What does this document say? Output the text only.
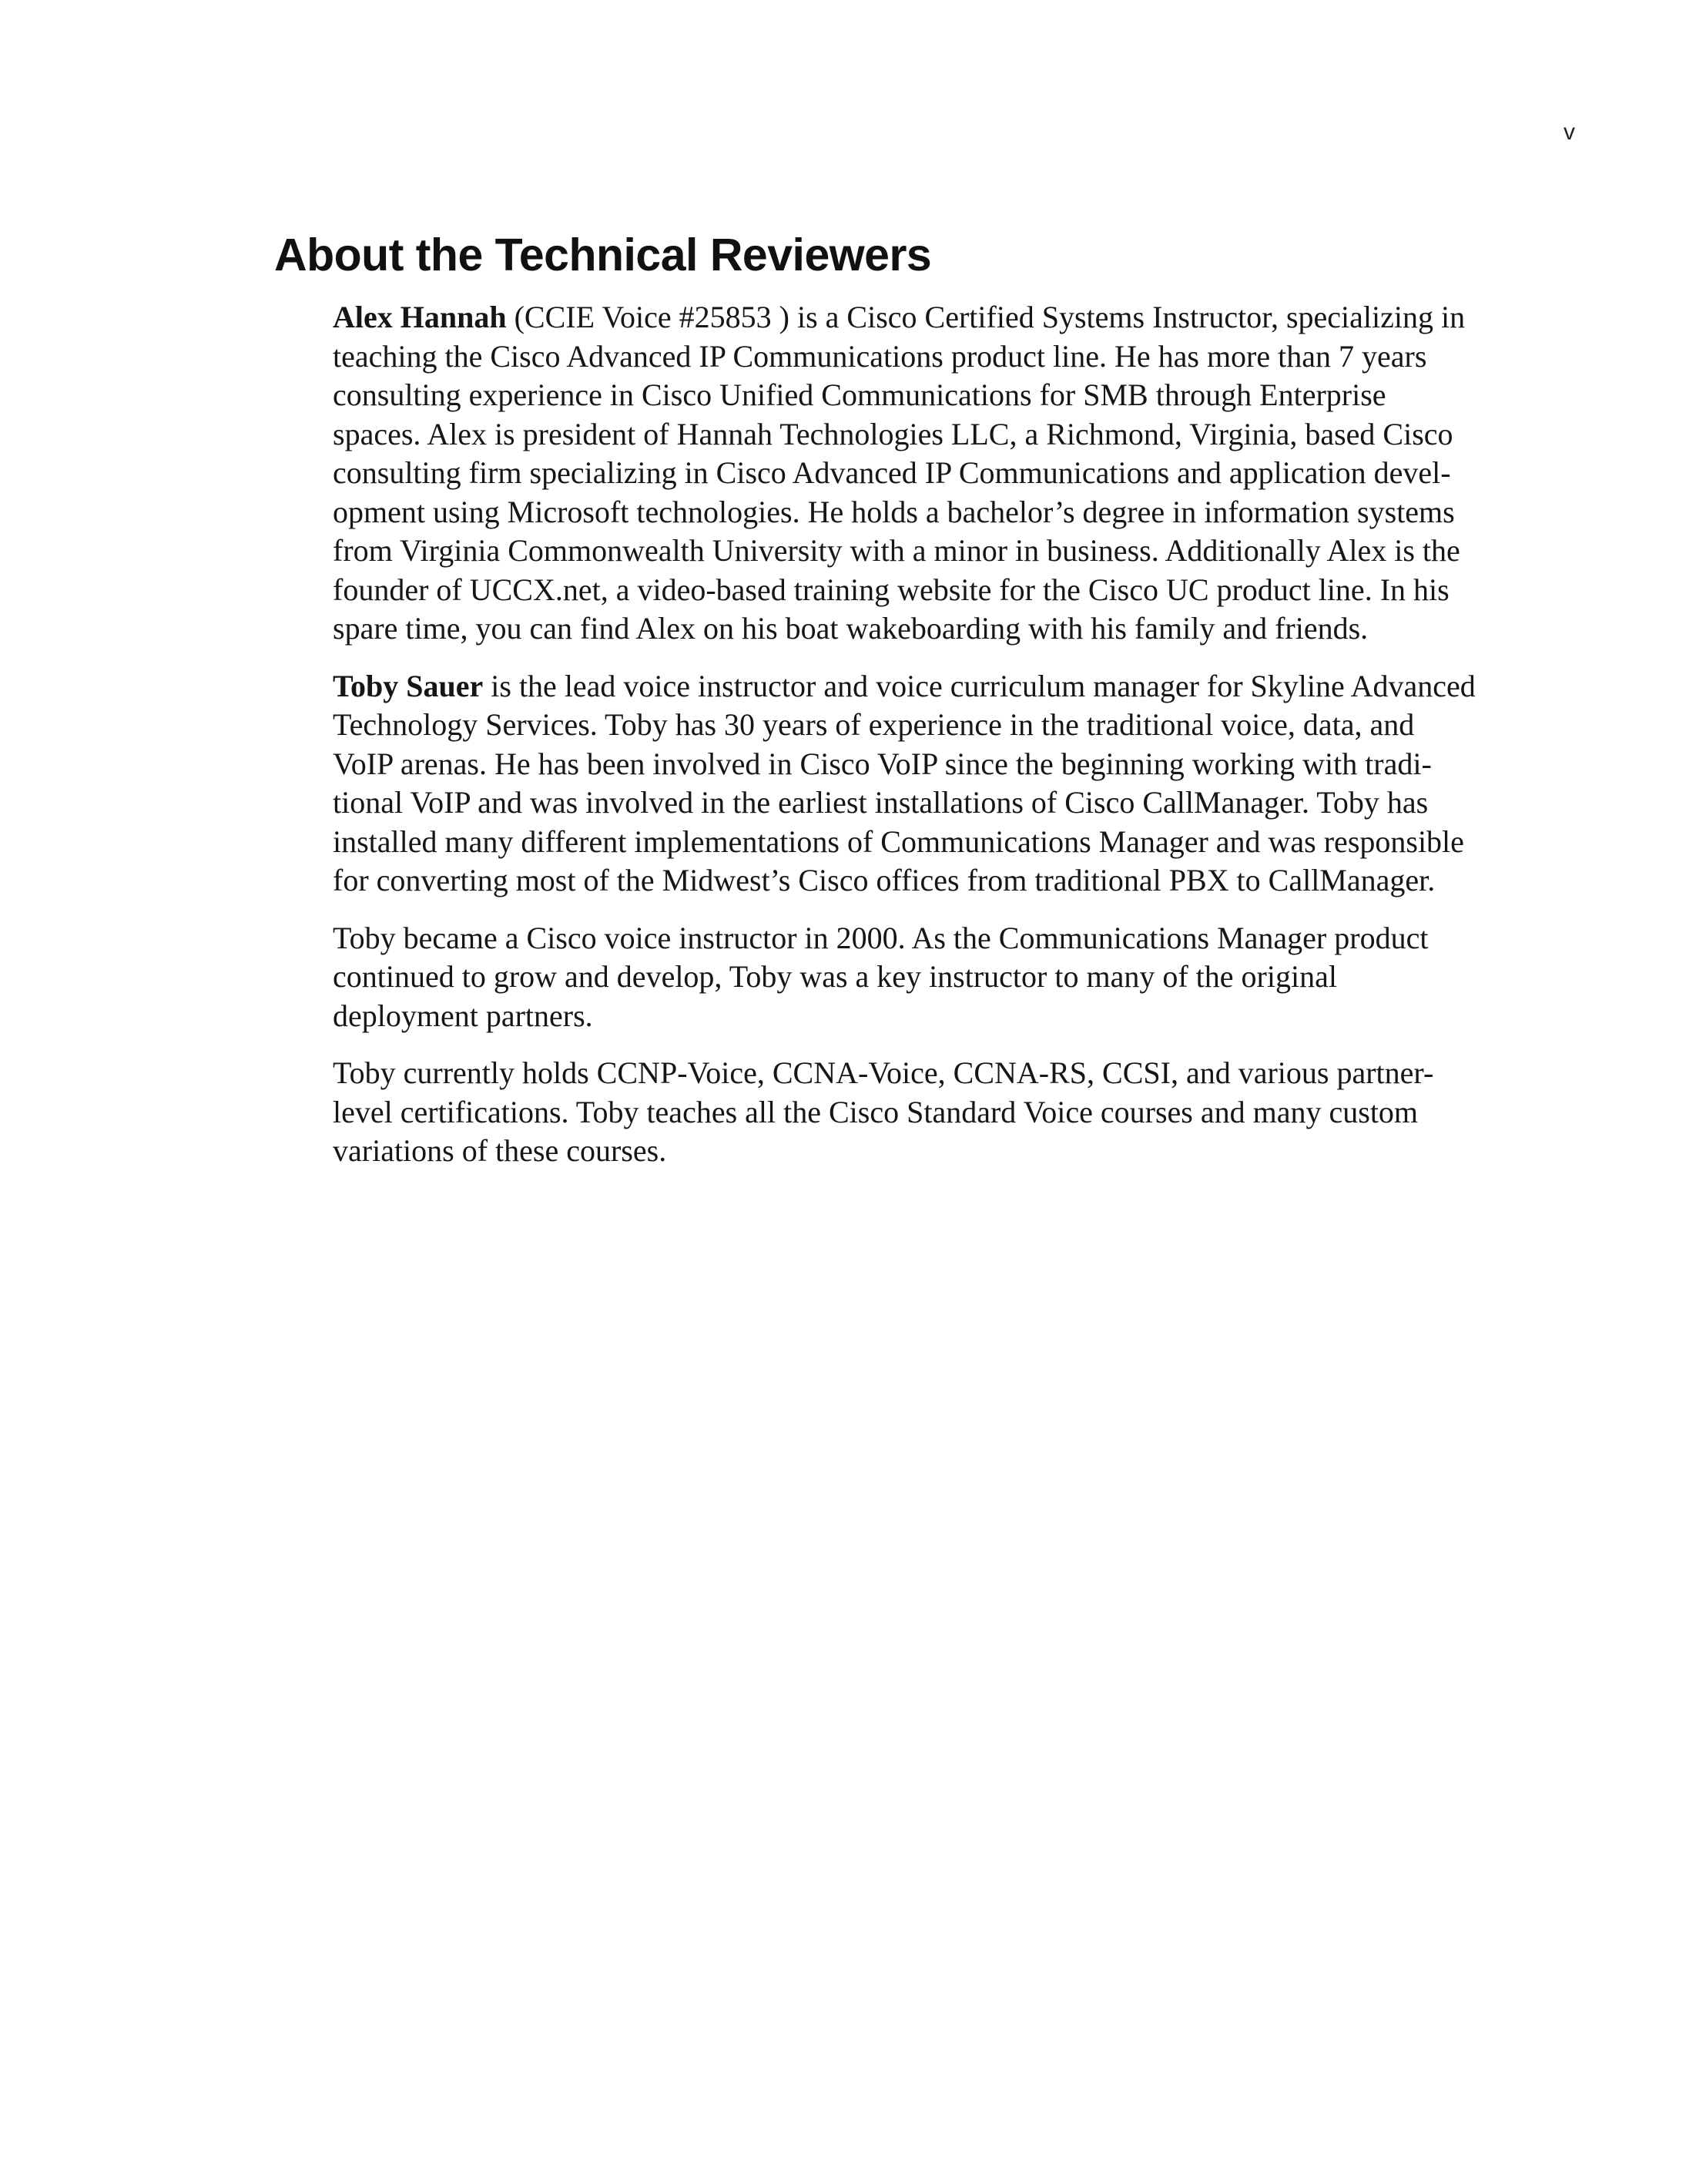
v
About the Technical Reviewers

Alex Hannah (CCIE Voice #25853 ) is a Cisco Certified Systems Instructor, specializing in
teaching the Cisco Advanced IP Communications product line. He has more than 7 years
consulting experience in Cisco Unified Communications for SMB through Enterprise
spaces. Alex is president of Hannah Technologies LLC, a Richmond, Virginia, based Cisco
consulting firm specializing in Cisco Advanced IP Communications and application devel-
opment using Microsoft technologies. He holds a bachelor’s degree in information systems
from Virginia Commonwealth University with a minor in business. Additionally Alex is the
founder of UCCX.net, a video-based training website for the Cisco UC product line. In his
spare time, you can find Alex on his boat wakeboarding with his family and friends.

Toby Sauer is the lead voice instructor and voice curriculum manager for Skyline Advanced
Technology Services. Toby has 30 years of experience in the traditional voice, data, and
VoIP arenas. He has been involved in Cisco VoIP since the beginning working with tradi-
tional VoIP and was involved in the earliest installations of Cisco CallManager. Toby has
installed many different implementations of Communications Manager and was responsible
for converting most of the Midwest’s Cisco offices from traditional PBX to CallManager.

Toby became a Cisco voice instructor in 2000. As the Communications Manager product
continued to grow and develop, Toby was a key instructor to many of the original
deployment partners.

Toby currently holds CCNP-Voice, CCNA-Voice, CCNA-RS, CCSI, and various partner-
level certifications. Toby teaches all the Cisco Standard Voice courses and many custom
variations of these courses.
